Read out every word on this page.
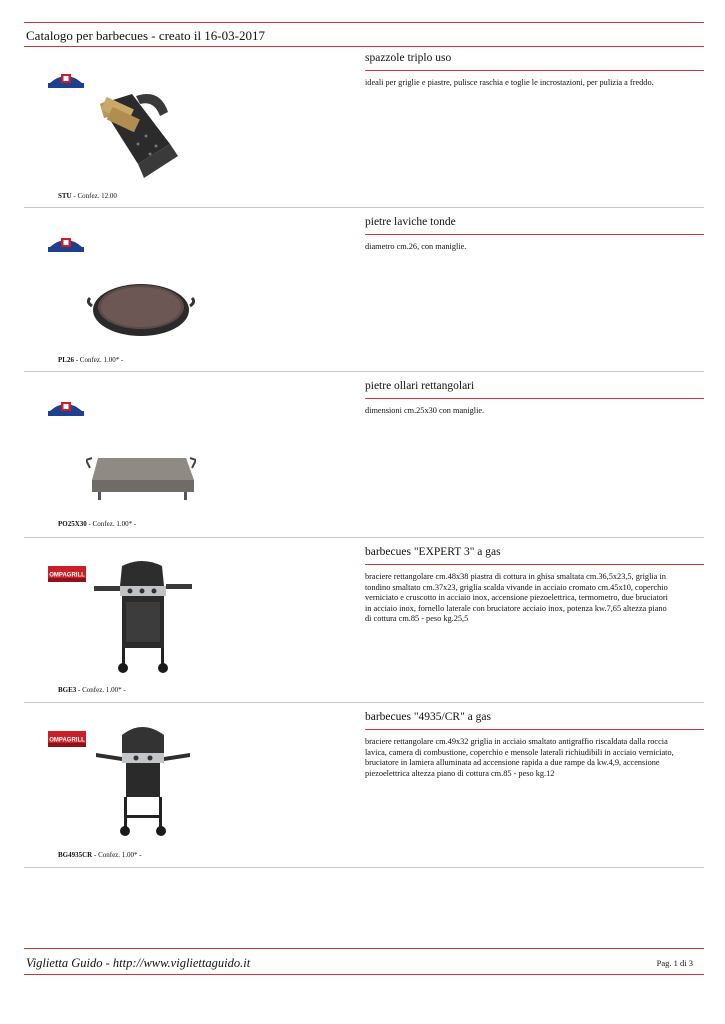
Catalogo per barbecues - creato il 16-03-2017
STU - Confez. 12.00
spazzole triplo uso
ideali per griglie e piastre, pulisce raschia e toglie le incrostazioni, per pulizia a freddo.
PL26 - Confez. 1.00* -
pietre laviche tonde
diametro cm.26, con maniglie.
PO25X30 - Confez. 1.00* -
pietre ollari rettangolari
dimensioni cm.25x30 con maniglie.
OMPAGRILL
BGE3 - Confez. 1.00* -
barbecues "EXPERT 3" a gas
braciere rettangolare cm.48x38 piastra di cottura in ghisa smaltata cm.36,5x23,5, griglia in tondino smaltato cm.37x23, griglia scalda vivande in acciaio cromato cm.45x10, coperchio verniciato e cruscotto in acciaio inox, accensione piezoelettrica, termometro, due bruciatori in acciaio inox, fornello laterale con bruciatore acciaio inox, potenza kw.7,65 altezza piano di cottura cm.85 - peso kg.25,5
OMPAGRILL
BG4935CR - Confez. 1.00* -
barbecues "4935/CR" a gas
braciere rettangolare cm.49x32 griglia in acciaio smaltato antigraffio riscaldata dalla roccia lavica, camera di combustione, coperchio e mensole laterali richiudibili in acciaio verniciato, bruciatore in lamiera alluminata ad accensione rapida a due rampe da kw.4,9, accensione piezoelettrica altezza piano di cottura cm.85 - peso kg.12
Viglietta Guido - http://www.vigliettaguido.it	Pag. 1 di 3
